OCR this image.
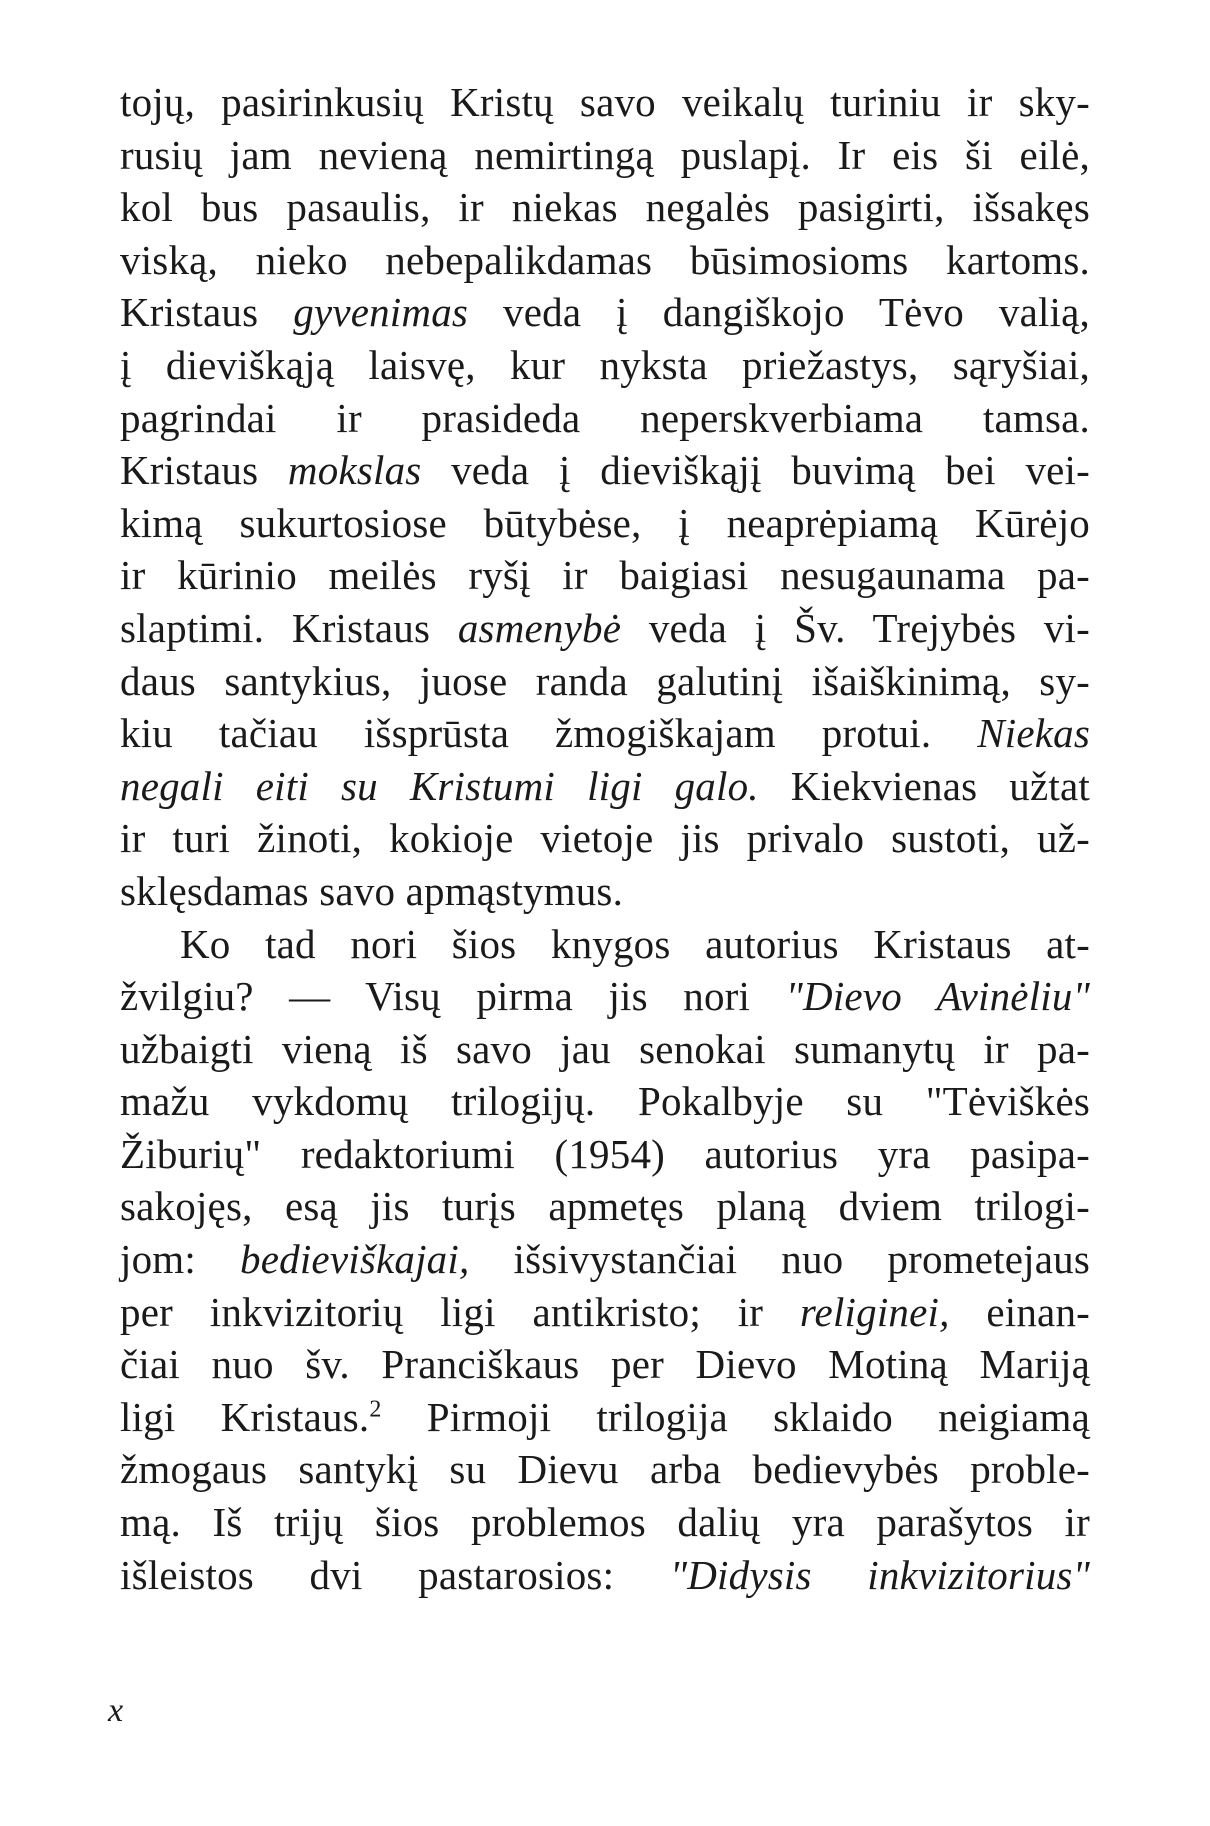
tojų, pasirinkusių Kristų savo veikalų turiniu ir sky-
rusių jam nevieną nemirtingą puslapį. Ir eis ši eilė,
kol bus pasaulis, ir niekas negalės pasigirti, išsakęs
viską, nieko nebepalikdamas būsimosioms kartoms.
Kristaus gyvenimas veda į dangiškojo Tėvo valią,
į dieviškąją laisvę, kur nyksta priežastys, sąryšiai,
pagrindai ir prasideda neperskverbiama tamsa.
Kristaus mokslas veda į dieviškąjį buvimą bei vei-
kimą sukurtosiose būtybėse, į neaprėpiamą Kūrėjo
ir kūrinio meilės ryšį ir baigiasi nesugaunama pa-
slaptimi. Kristaus asmenybė veda į Šv. Trejybės vi-
daus santykius, juose randa galutinį išaiškinimą, sy-
kiu tačiau išsprūsta žmogiškajam protui. Niekas
negali eiti su Kristumi ligi galo. Kiekvienas užtat
ir turi žinoti, kokioje vietoje jis privalo sustoti, už-
sklęsdamas savo apmąstymus.
Ko tad nori šios knygos autorius Kristaus at-
žvilgiu? — Visų pirma jis nori "Dievo Avinėliu"
užbaigti vieną iš savo jau senokai sumanytų ir pa-
mažu vykdomų trilogijų. Pokalbyje su "Tėviškės
Žiburių" redaktoriumi (1954) autorius yra pasipa-
sakojęs, esą jis turįs apmetęs planą dviem trilogi-
jom: bedieviškajai, išsivystančiai nuo prometejaus
per inkvizitorių ligi antikristo; ir religinei, einan-
čiai nuo šv. Pranciškaus per Dievo Motiną Mariją
ligi Kristaus.$^2$ Pirmoji trilogija sklaido neigiamą
žmogaus santykį su Dievu arba bedievybės proble-
mą. Iš trijų šios problemos dalių yra parašytos ir
išleistos dvi pastarosios: "Didysis inkvizitorius"
x
